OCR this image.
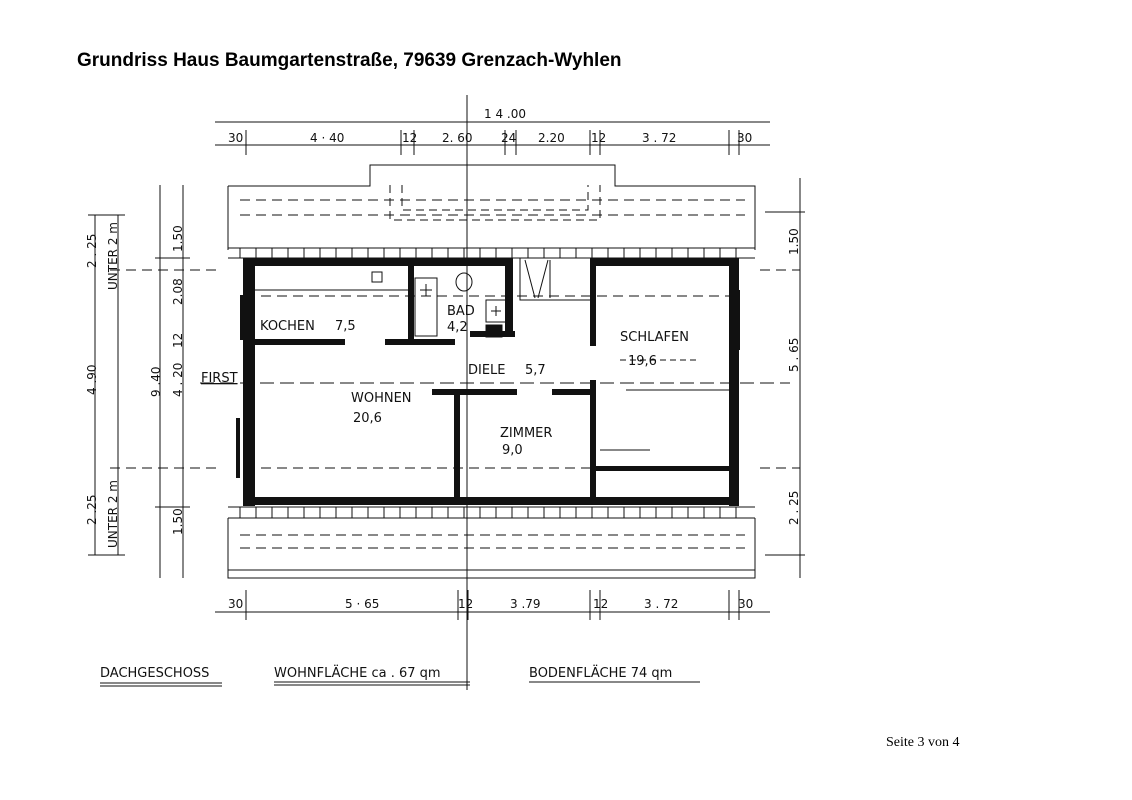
Grundriss Haus Baumgartenstraße, 79639 Grenzach-Wyhlen
1 4 .00
30	4 · 40	12 2. 60 24 2.20 12	3 . 72	30
30	5 · 65	12	3 .79	12	3 . 72	30
2 . 25 UNTER 2 m
4 .90
2 .25 UNTER 2 m
1.50
2.08
12
4 . 20
9 .40
1.50
1.50
5 . 65
2 . 25
FIRST
KOCHEN 7,5
BAD
4,2
SCHLAFEN
19,6
DIELE 5,7
WOHNEN
20,6
ZIMMER
9,0
DACHGESCHOSS	WOHNFLÄCHE ca . 67 qm	BODENFLÄCHE 74 qm
Seite 3 von 4
